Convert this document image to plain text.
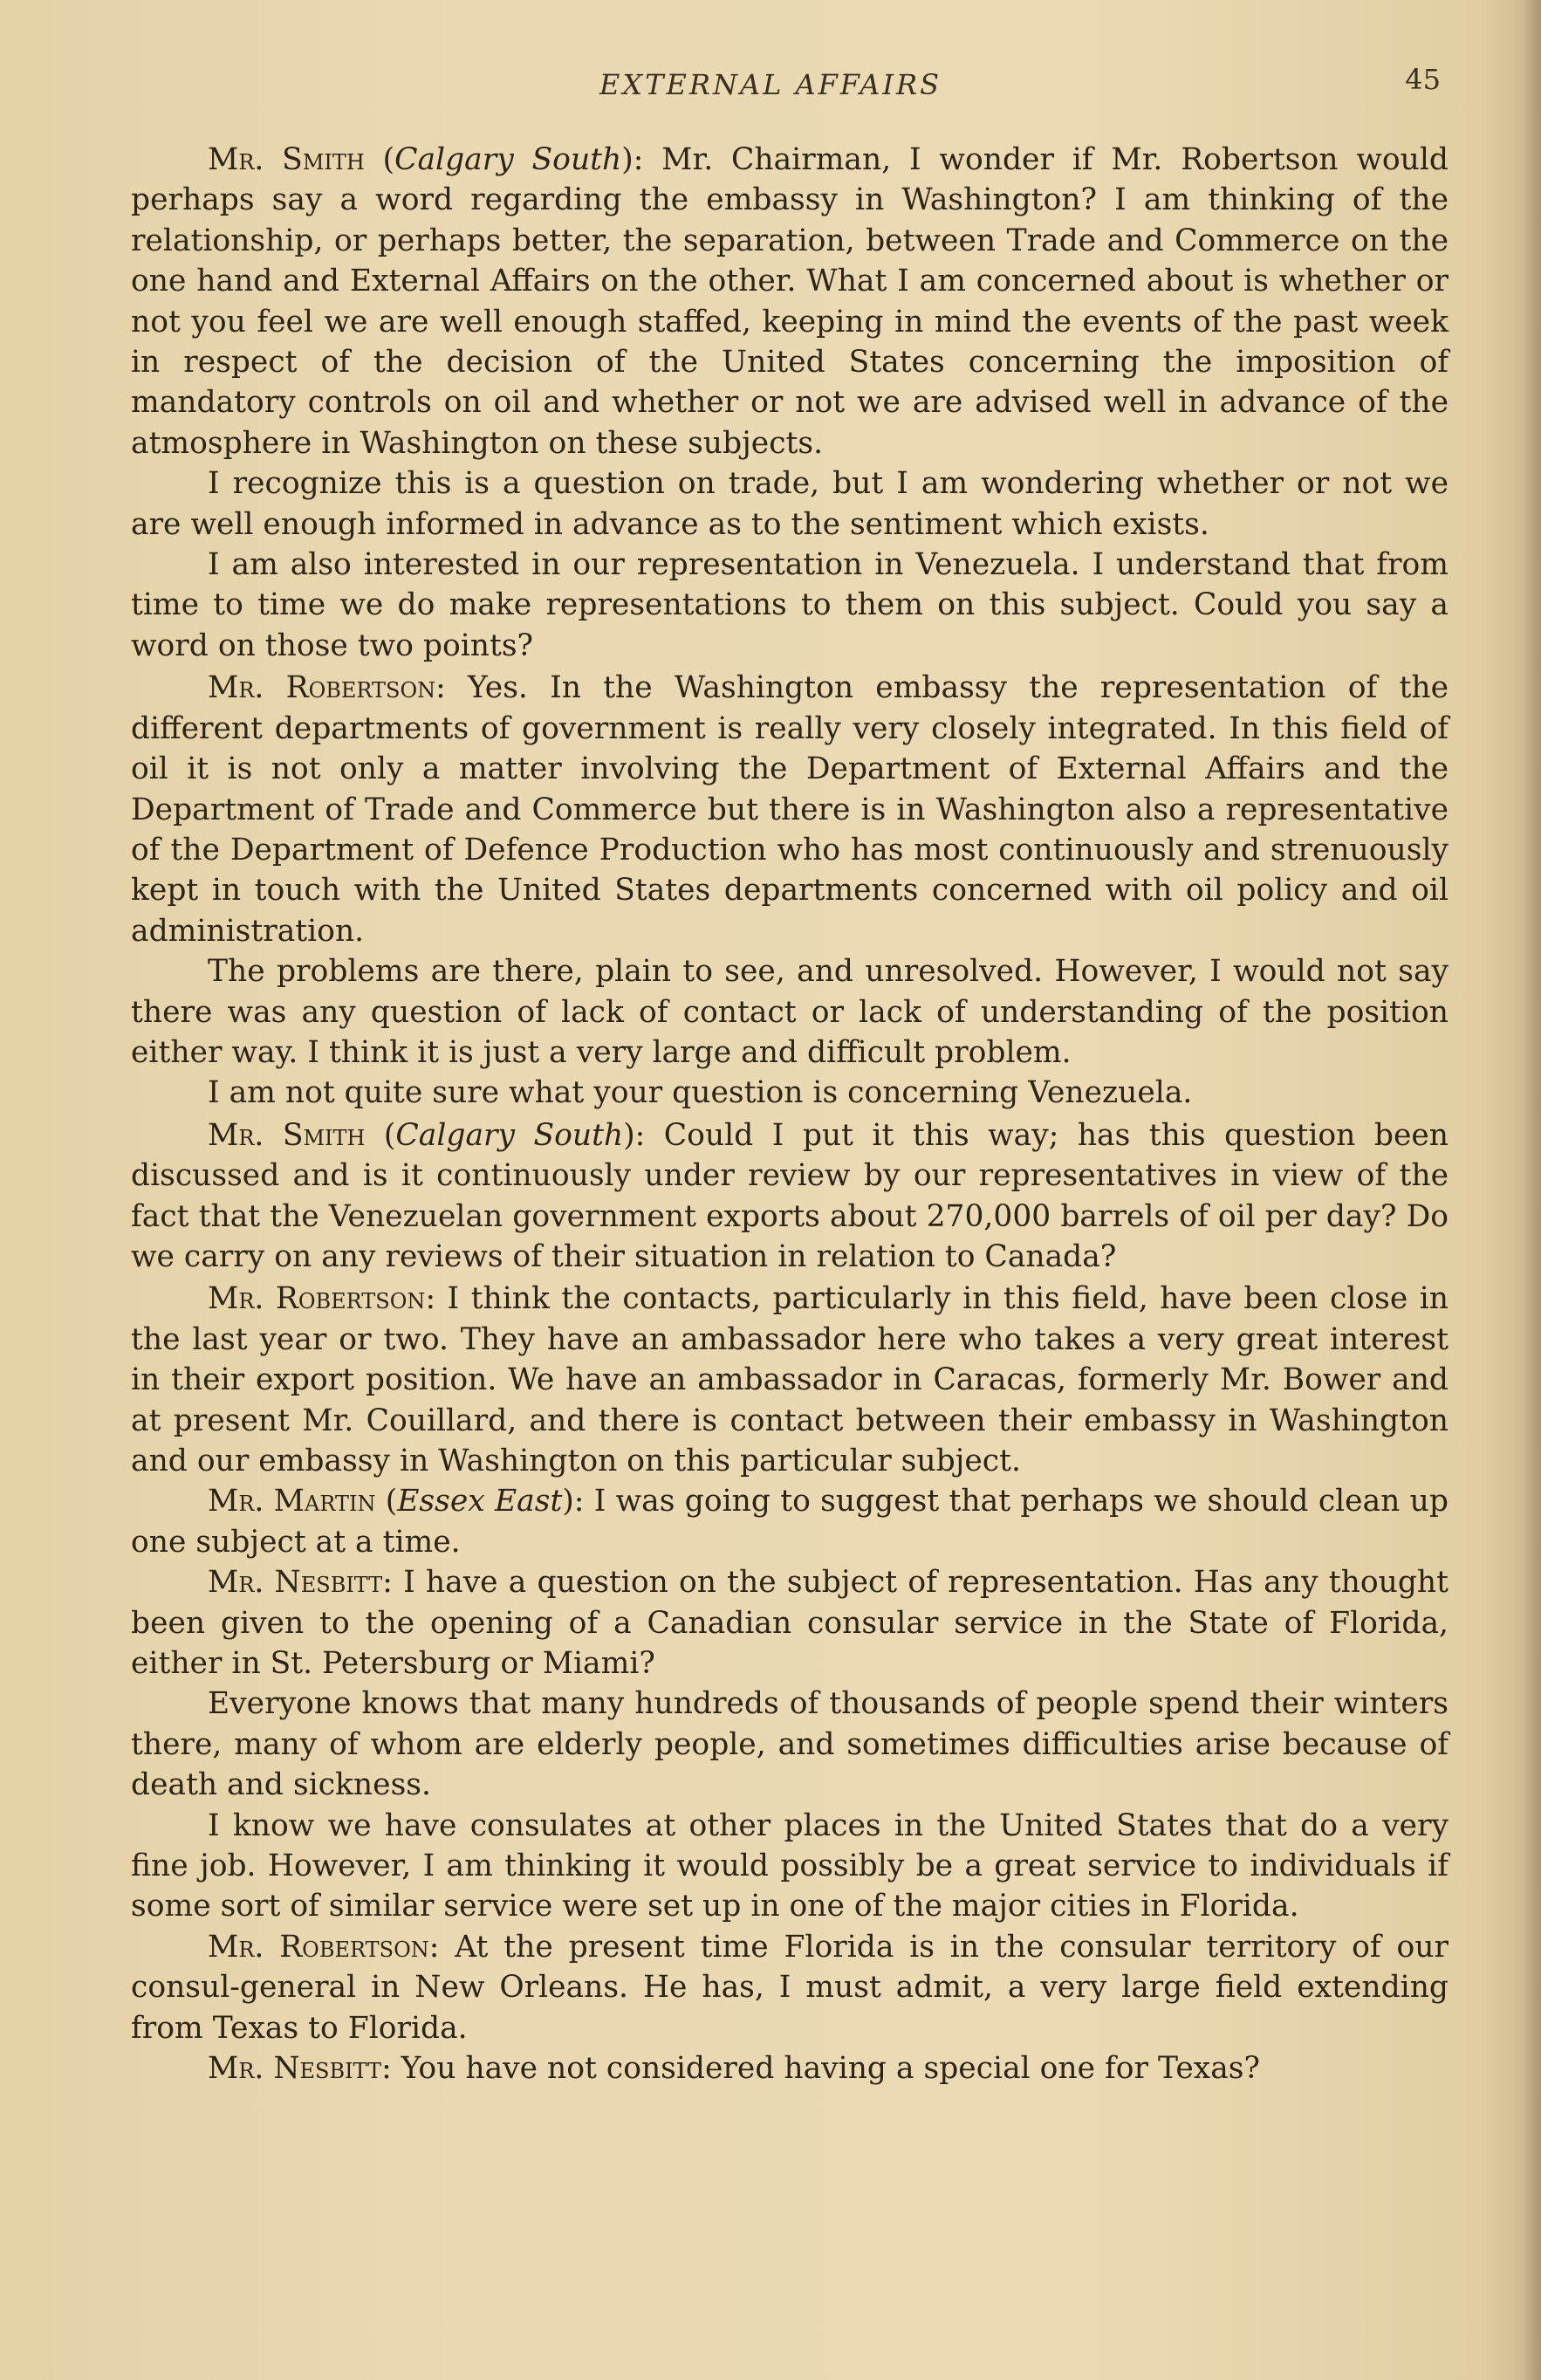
EXTERNAL AFFAIRS	45

Mr. Smith (Calgary South): Mr. Chairman, I wonder if Mr. Robertson would perhaps say a word regarding the embassy in Washington? I am thinking of the relationship, or perhaps better, the separation, between Trade and Commerce on the one hand and External Affairs on the other. What I am concerned about is whether or not you feel we are well enough staffed, keeping in mind the events of the past week in respect of the decision of the United States concerning the imposition of mandatory controls on oil and whether or not we are advised well in advance of the atmosphere in Washington on these subjects.

I recognize this is a question on trade, but I am wondering whether or not we are well enough informed in advance as to the sentiment which exists.

I am also interested in our representation in Venezuela. I understand that from time to time we do make representations to them on this subject. Could you say a word on those two points?

Mr. Robertson: Yes. In the Washington embassy the representation of the different departments of government is really very closely integrated. In this field of oil it is not only a matter involving the Department of External Affairs and the Department of Trade and Commerce but there is in Washington also a representative of the Department of Defence Production who has most continuously and strenuously kept in touch with the United States departments concerned with oil policy and oil administration.

The problems are there, plain to see, and unresolved. However, I would not say there was any question of lack of contact or lack of understanding of the position either way. I think it is just a very large and difficult problem.

I am not quite sure what your question is concerning Venezuela.

Mr. Smith (Calgary South): Could I put it this way; has this question been discussed and is it continuously under review by our representatives in view of the fact that the Venezuelan government exports about 270,000 barrels of oil per day? Do we carry on any reviews of their situation in relation to Canada?

Mr. Robertson: I think the contacts, particularly in this field, have been close in the last year or two. They have an ambassador here who takes a very great interest in their export position. We have an ambassador in Caracas, formerly Mr. Bower and at present Mr. Couillard, and there is contact between their embassy in Washington and our embassy in Washington on this particular subject.

Mr. Martin (Essex East): I was going to suggest that perhaps we should clean up one subject at a time.

Mr. Nesbitt: I have a question on the subject of representation. Has any thought been given to the opening of a Canadian consular service in the State of Florida, either in St. Petersburg or Miami?

Everyone knows that many hundreds of thousands of people spend their winters there, many of whom are elderly people, and sometimes difficulties arise because of death and sickness.

I know we have consulates at other places in the United States that do a very fine job. However, I am thinking it would possibly be a great service to individuals if some sort of similar service were set up in one of the major cities in Florida.

Mr. Robertson: At the present time Florida is in the consular territory of our consul-general in New Orleans. He has, I must admit, a very large field extending from Texas to Florida.

Mr. Nesbitt: You have not considered having a special one for Texas?
